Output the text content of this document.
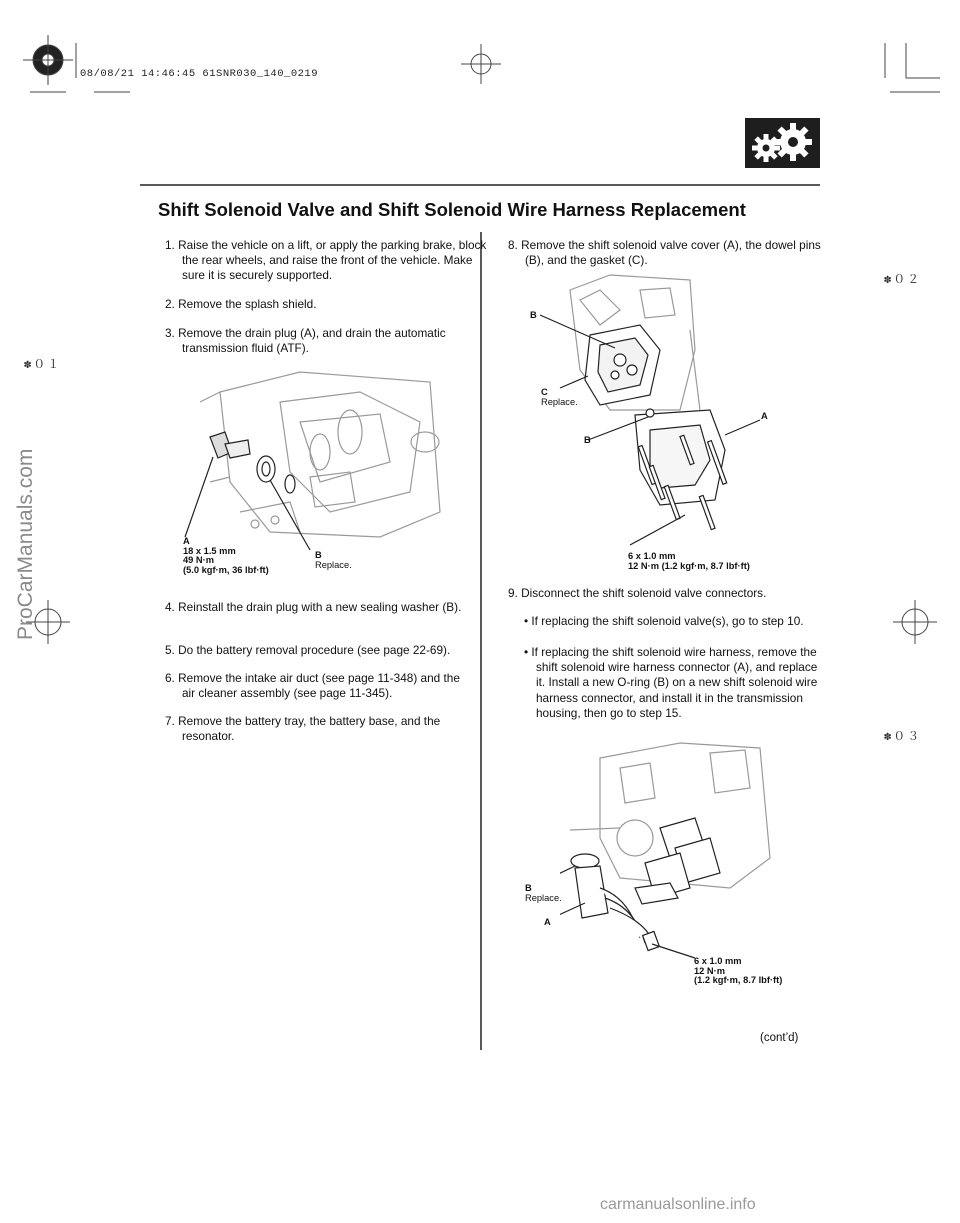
08/08/21 14:46:45 61SNR030_140_0219
Shift Solenoid Valve and Shift Solenoid Wire Harness Replacement
✽０１
✽０２
✽０３
ProCarManuals.com
1. Raise the vehicle on a lift, or apply the parking brake, block the rear wheels, and raise the front of the vehicle. Make sure it is securely supported.
2. Remove the splash shield.
3. Remove the drain plug (A), and drain the automatic transmission fluid (ATF).
4. Reinstall the drain plug with a new sealing washer (B).
5. Do the battery removal procedure (see page 22-69).
6. Remove the intake air duct (see page 11-348) and the air cleaner assembly (see page 11-345).
7. Remove the battery tray, the battery base, and the resonator.
A
18 x 1.5 mm
49 N·m
(5.0 kgf·m, 36 lbf·ft)
B
Replace.
8. Remove the shift solenoid valve cover (A), the dowel pins (B), and the gasket (C).
9. Disconnect the shift solenoid valve connectors.
• If replacing the shift solenoid valve(s), go to step 10.
• If replacing the shift solenoid wire harness, remove the shift solenoid wire harness connector (A), and replace it. Install a new O-ring (B) on a new shift solenoid wire harness connector, and install it in the transmission housing, then go to step 15.
B
C
Replace.
A
B
6 x 1.0 mm
12 N·m (1.2 kgf·m, 8.7 lbf·ft)
B
Replace.
A
6 x 1.0 mm
12 N·m
(1.2 kgf·m, 8.7 lbf·ft)
(cont’d)
carmanualsonline.info
